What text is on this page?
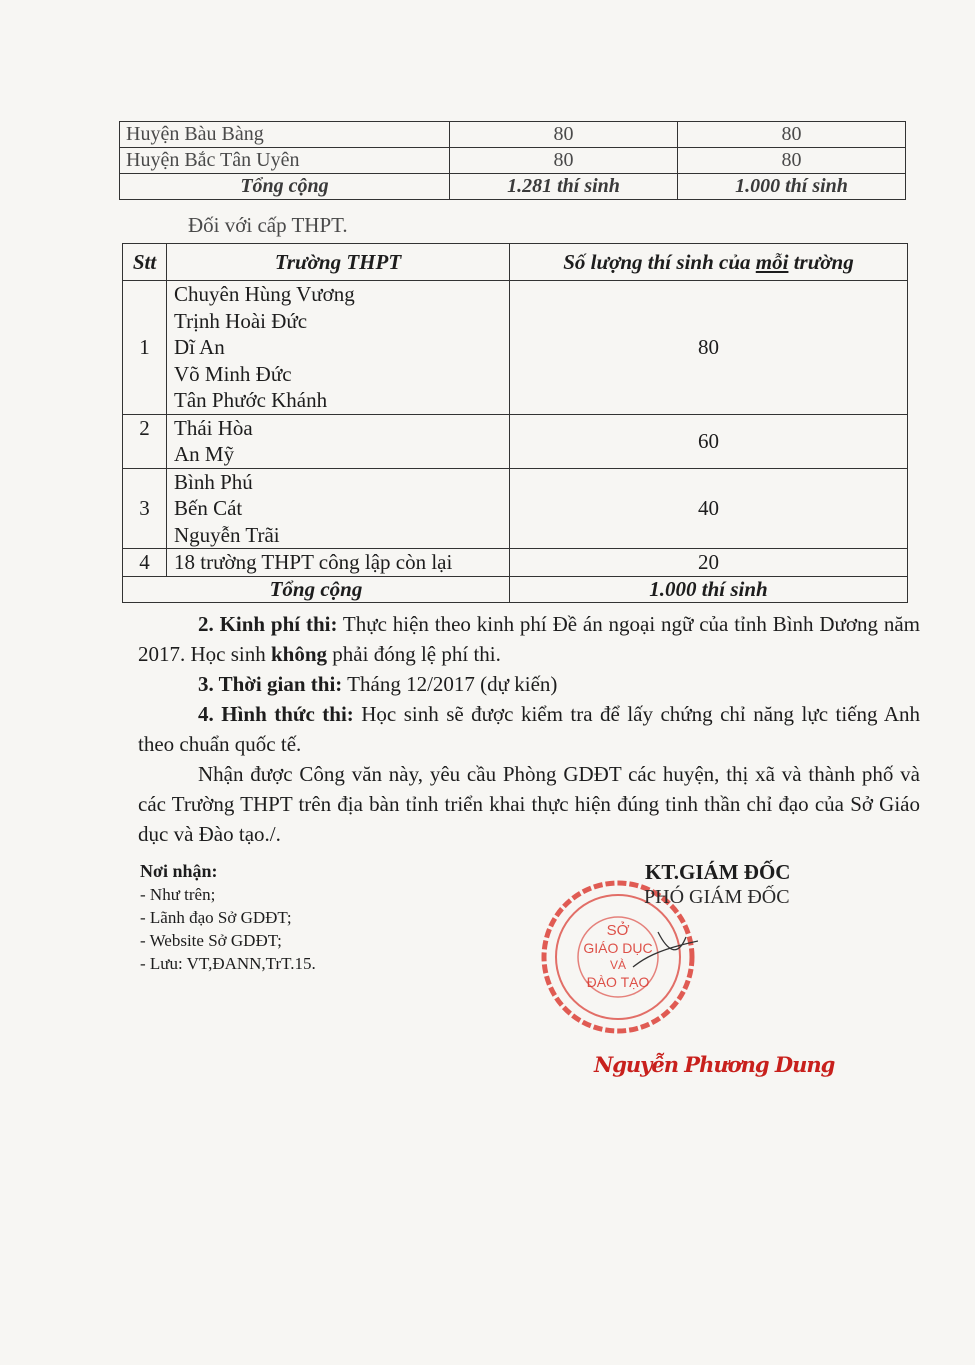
Huyện Bàu Bàng	80	80
Huyện Bắc Tân Uyên	80	80
Tổng cộng	1.281 thí sinh	1.000 thí sinh
Đối với cấp THPT.
Stt	Trường THPT	Số lượng thí sinh của mỗi trường
1	Chuyên Hùng Vương
Trịnh Hoài Đức
Dĩ An
Võ Minh Đức
Tân Phước Khánh	80
2	Thái Hòa
An Mỹ	60
3	Bình Phú
Bến Cát
Nguyễn Trãi	40
4	18 trường THPT công lập còn lại	20
Tổng cộng		1.000 thí sinh
2. Kinh phí thi: Thực hiện theo kinh phí Đề án ngoại ngữ của tỉnh Bình Dương năm 2017. Học sinh không phải đóng lệ phí thi.
3. Thời gian thi: Tháng 12/2017 (dự kiến)
4. Hình thức thi: Học sinh sẽ được kiểm tra để lấy chứng chỉ năng lực tiếng Anh theo chuẩn quốc tế.
Nhận được Công văn này, yêu cầu Phòng GDĐT các huyện, thị xã và thành phố và các Trường THPT trên địa bàn tỉnh triển khai thực hiện đúng tinh thần chỉ đạo của Sở Giáo dục và Đào tạo./.
Nơi nhận:
- Như trên;
- Lãnh đạo Sở GDĐT;
- Website Sở GDĐT;
- Lưu: VT,ĐANN,TrT.15.
SỞ
GIÁO DỤC
VÀ
ĐÀO TẠO
KT.GIÁM ĐỐC
PHÓ GIÁM ĐỐC
Nguyễn Phương Dung
